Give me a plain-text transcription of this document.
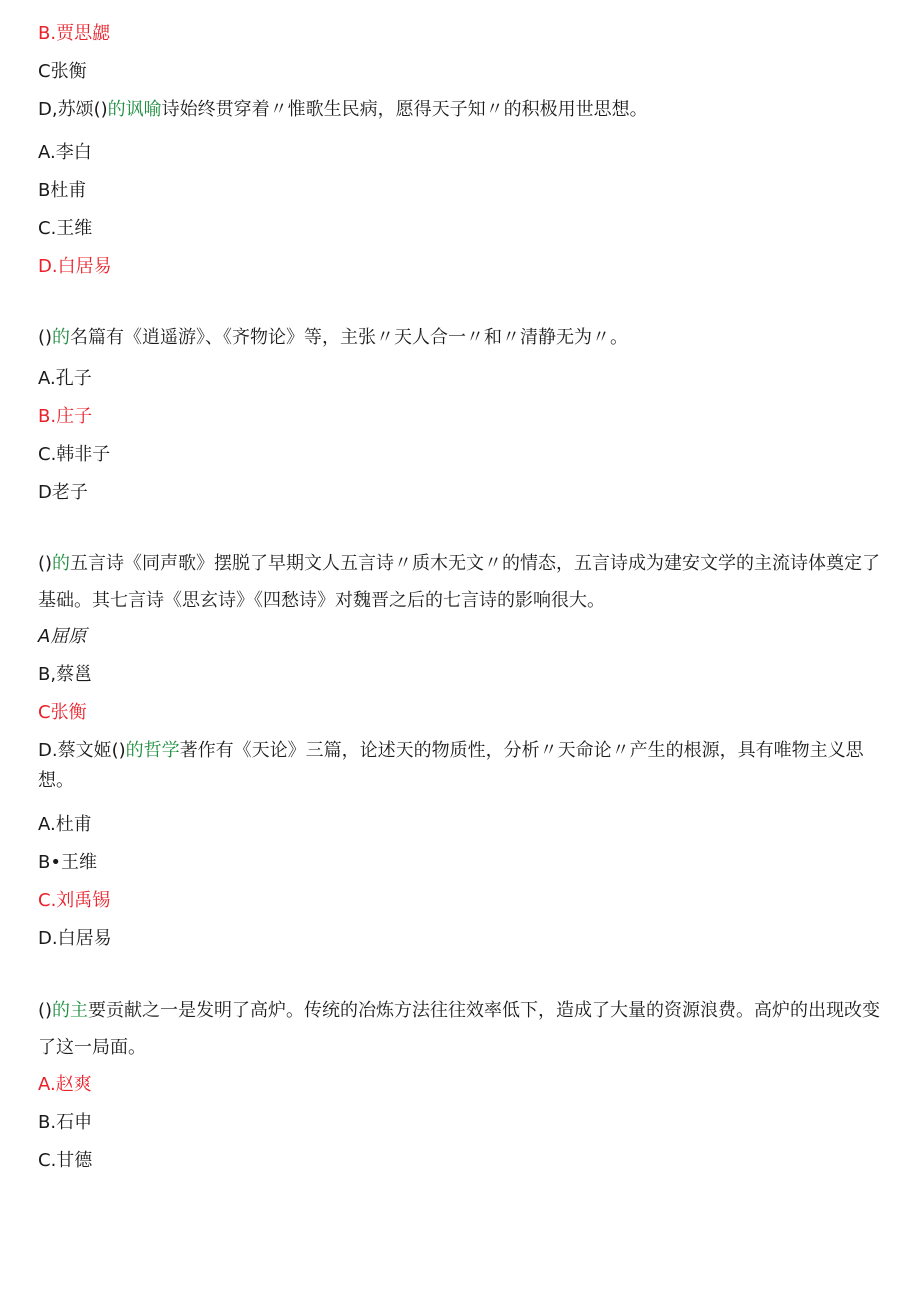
B.贾思勰
C张衡
D,苏颂()的讽喻诗始终贯穿着〃惟歌生民病，愿得天子知〃的积极用世思想。
A.李白
B杜甫
C.王维
D.白居易
()的名篇有《逍遥游》、《齐物论》等，主张〃天人合一〃和〃清静无为〃。
A.孔子
B.庄子
C.韩非子
D老子
()的五言诗《同声歌》摆脱了早期文人五言诗〃质木无文〃的情态，五言诗成为建安文学的主流诗体奠定了基础。其七言诗《思玄诗》《四愁诗》对魏晋之后的七言诗的影响很大。
A屈原
B,蔡邕
C张衡
D.蔡文姬()的哲学著作有《天论》三篇，论述天的物质性，分析〃天命论〃产生的根源，具有唯物主义思想。
A.杜甫
B•王维
C.刘禹锡
D.白居易
()的主要贡献之一是发明了高炉。传统的冶炼方法往往效率低下，造成了大量的资源浪费。高炉的出现改变了这一局面。
A.赵爽
B.石申
C.甘德
